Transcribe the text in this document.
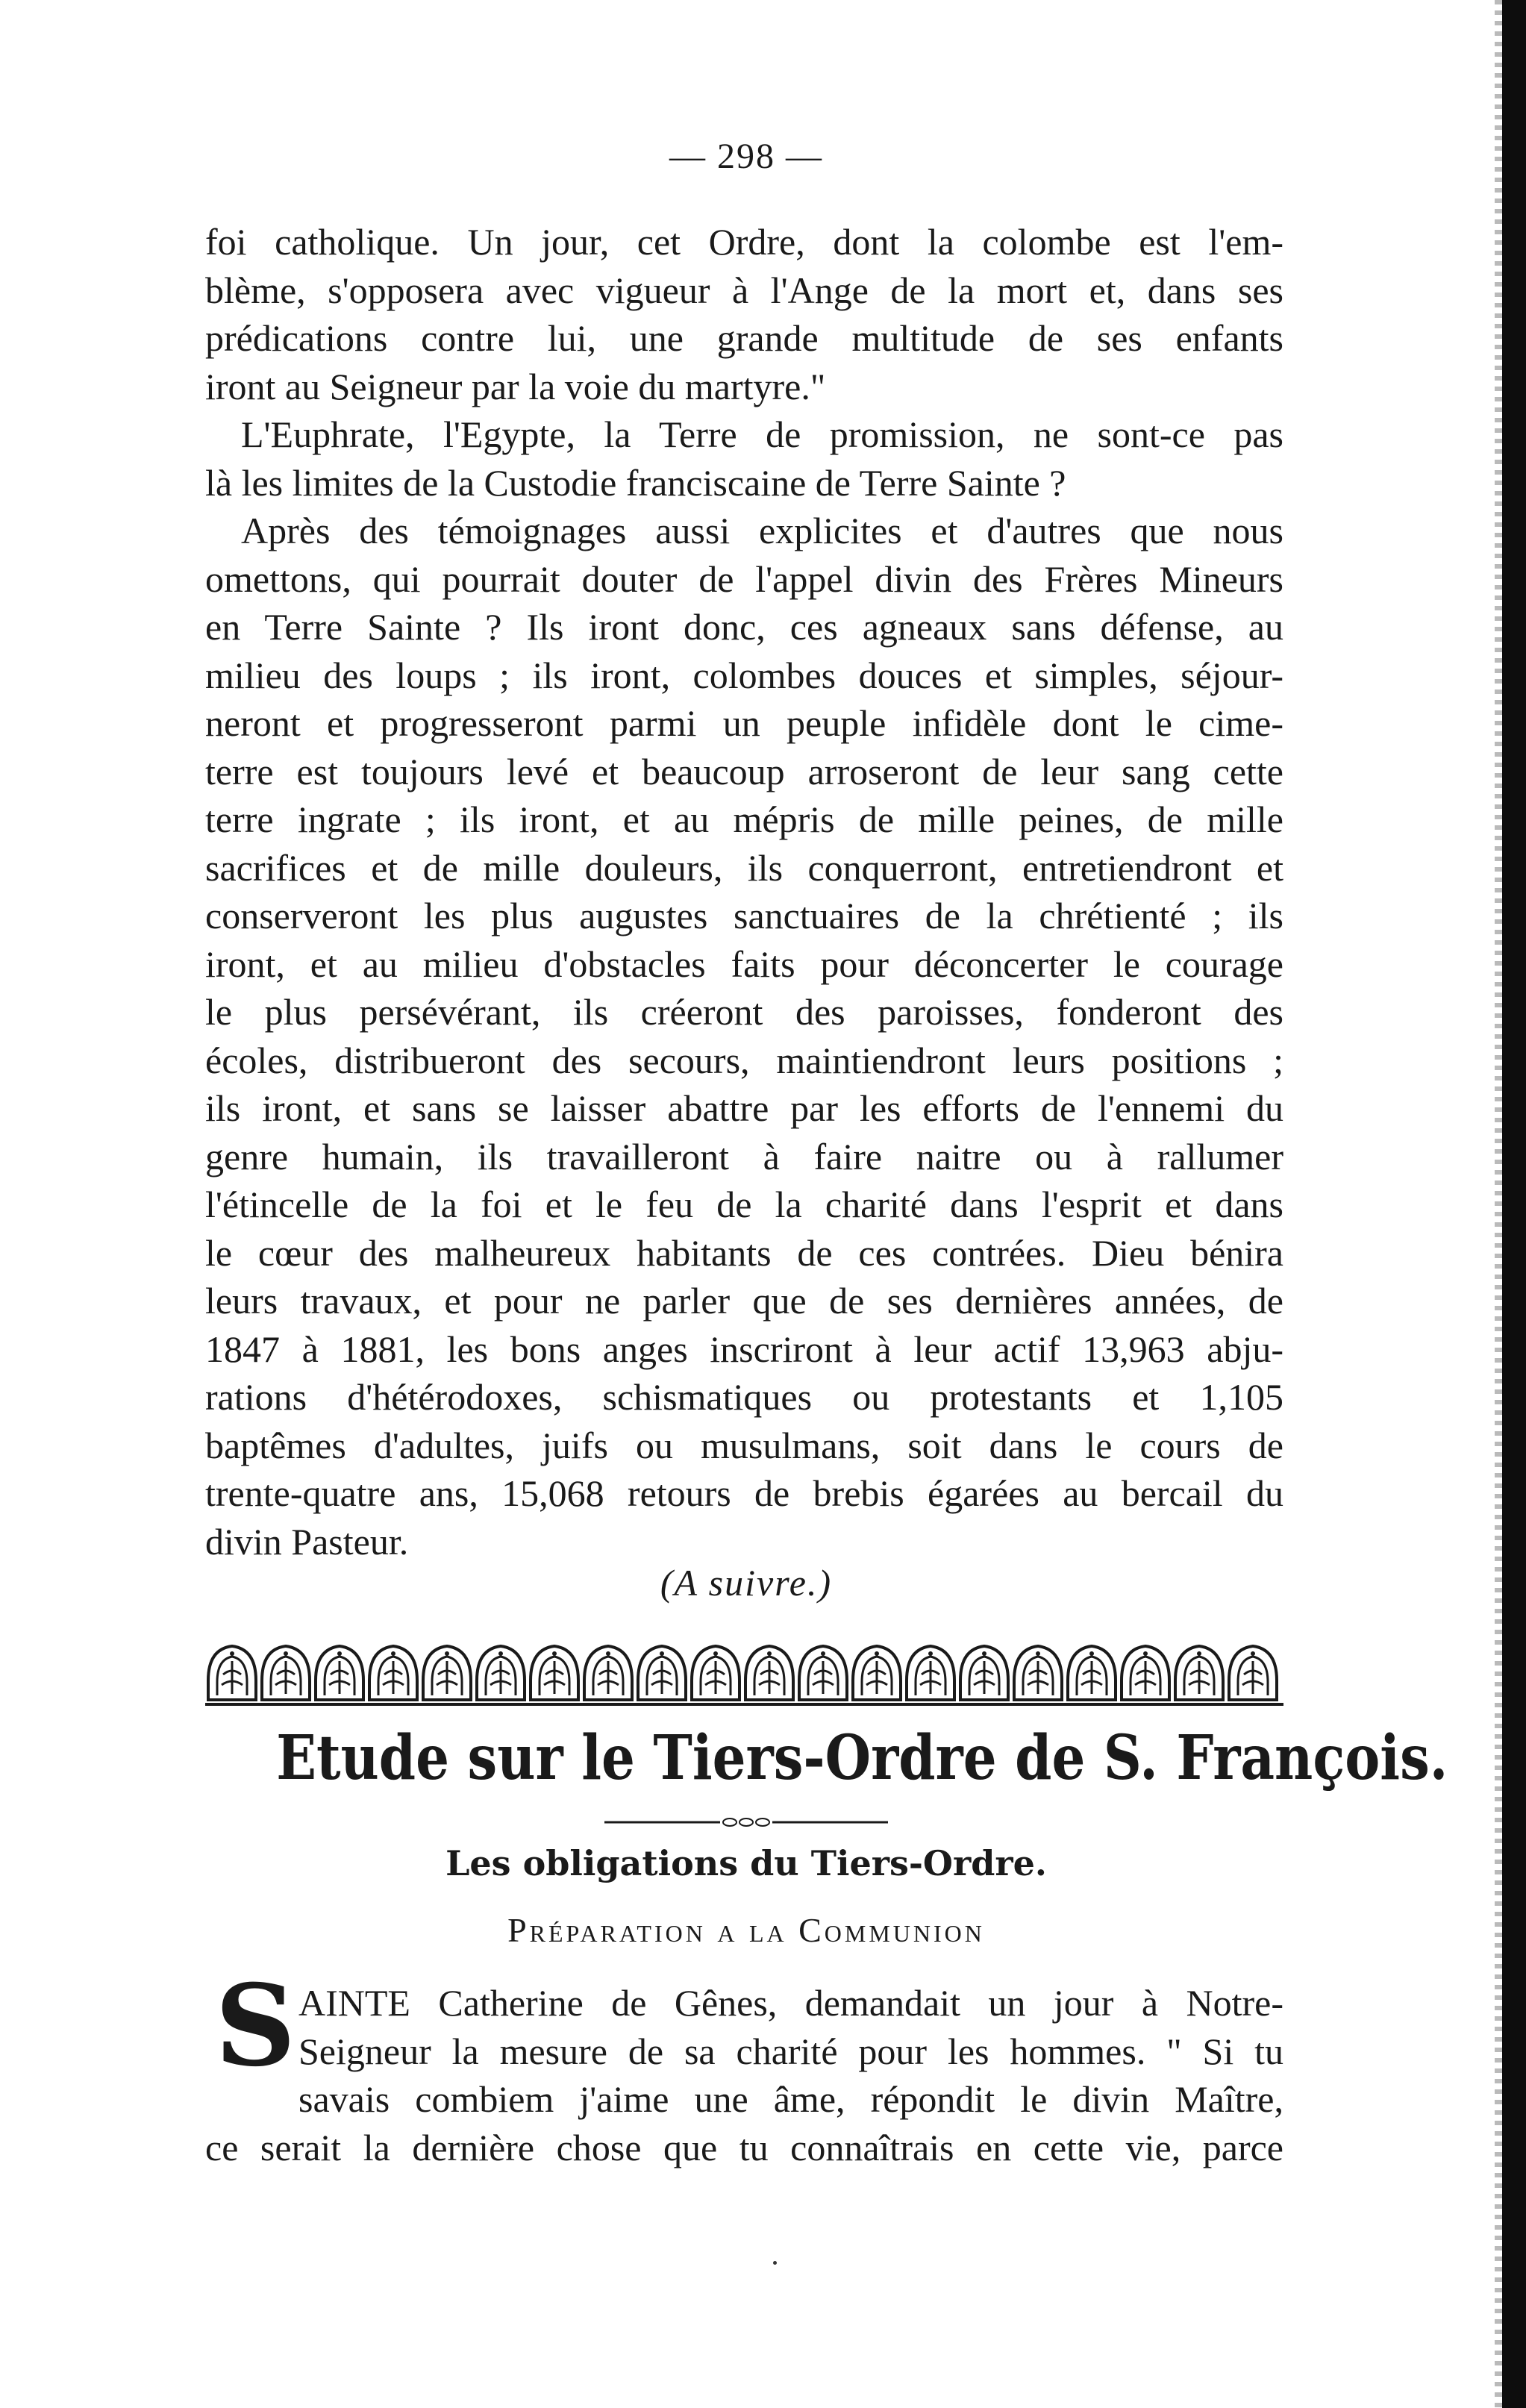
— 298 —
foi catholique. Un jour, cet Ordre, dont la colombe est l'em-
blème, s'opposera avec vigueur à l'Ange de la mort et, dans ses
prédications contre lui, une grande multitude de ses enfants
iront au Seigneur par la voie du martyre."
L'Euphrate, l'Egypte, la Terre de promission, ne sont-ce pas
là les limites de la Custodie franciscaine de Terre Sainte ?
Après des témoignages aussi explicites et d'autres que nous
omettons, qui pourrait douter de l'appel divin des Frères Mineurs
en Terre Sainte ? Ils iront donc, ces agneaux sans défense, au
milieu des loups ; ils iront, colombes douces et simples, séjour-
neront et progresseront parmi un peuple infidèle dont le cime-
terre est toujours levé et beaucoup arroseront de leur sang cette
terre ingrate ; ils iront, et au mépris de mille peines, de mille
sacrifices et de mille douleurs, ils conquerront, entretiendront et
conserveront les plus augustes sanctuaires de la chrétienté ; ils
iront, et au milieu d'obstacles faits pour déconcerter le courage
le plus persévérant, ils créeront des paroisses, fonderont des
écoles, distribueront des secours, maintiendront leurs positions ;
ils iront, et sans se laisser abattre par les efforts de l'ennemi du
genre humain, ils travailleront à faire naitre ou à rallumer
l'étincelle de la foi et le feu de la charité dans l'esprit et dans
le cœur des malheureux habitants de ces contrées. Dieu bénira
leurs travaux, et pour ne parler que de ses dernières années, de
1847 à 1881, les bons anges inscriront à leur actif 13,963 abju-
rations d'hétérodoxes, schismatiques ou protestants et 1,105
baptêmes d'adultes, juifs ou musulmans, soit dans le cours de
trente-quatre ans, 15,068 retours de brebis égarées au bercail du
divin Pasteur.
(A suivre.)
Etude sur le Tiers-Ordre de S. François.
Les obligations du Tiers-Ordre.
Préparation a la Communion
S AINTE Catherine de Gênes, demandait un jour à Notre-
Seigneur la mesure de sa charité pour les hommes. " Si tu
savais combiem j'aime une âme, répondit le divin Maître,
ce serait la dernière chose que tu connaîtrais en cette vie, parce
